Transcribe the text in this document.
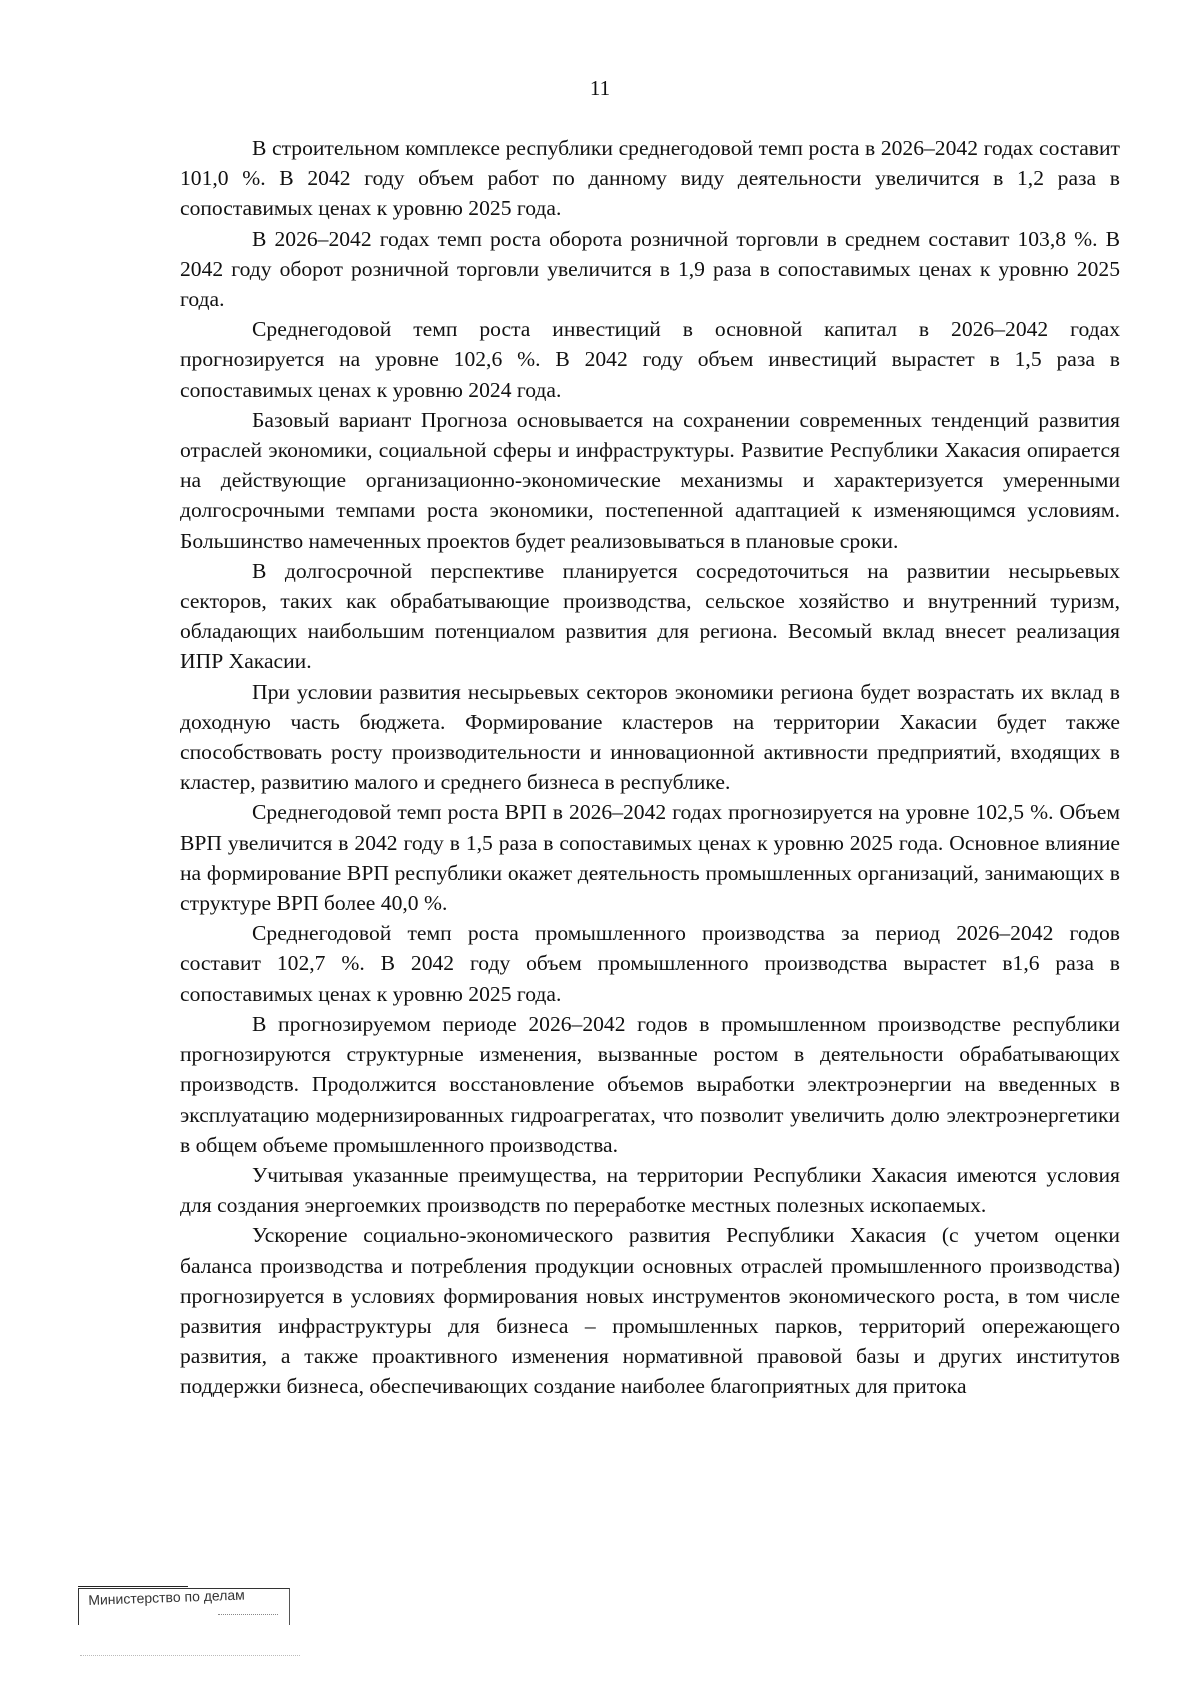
11

В строительном комплексе республики среднегодовой темп роста в 2026–2042 годах составит 101,0 %. В 2042 году объем работ по данному виду деятельности увеличится в 1,2 раза в сопоставимых ценах к уровню 2025 года.

В 2026–2042 годах темп роста оборота розничной торговли в среднем составит 103,8 %. В 2042 году оборот розничной торговли увеличится в 1,9 раза в сопоставимых ценах к уровню 2025 года.

Среднегодовой темп роста инвестиций в основной капитал в 2026–2042 годах прогнозируется на уровне 102,6 %. В 2042 году объем инвестиций вырастет в 1,5 раза в сопоставимых ценах к уровню 2024 года.

Базовый вариант Прогноза основывается на сохранении современных тенденций развития отраслей экономики, социальной сферы и инфраструктуры. Развитие Республики Хакасия опирается на действующие организационно-экономические механизмы и характеризуется умеренными долгосрочными темпами роста экономики, постепенной адаптацией к изменяющимся условиям. Большинство намеченных проектов будет реализовываться в плановые сроки.

В долгосрочной перспективе планируется сосредоточиться на развитии несырьевых секторов, таких как обрабатывающие производства, сельское хозяйство и внутренний туризм, обладающих наибольшим потенциалом развития для региона. Весомый вклад внесет реализация ИПР Хакасии.

При условии развития несырьевых секторов экономики региона будет возрастать их вклад в доходную часть бюджета. Формирование кластеров на территории Хакасии будет также способствовать росту производительности и инновационной активности предприятий, входящих в кластер, развитию малого и среднего бизнеса в республике.

Среднегодовой темп роста ВРП в 2026–2042 годах прогнозируется на уровне 102,5 %. Объем ВРП увеличится в 2042 году в 1,5 раза в сопоставимых ценах к уровню 2025 года. Основное влияние на формирование ВРП республики окажет деятельность промышленных организаций, занимающих в структуре ВРП более 40,0 %.

Среднегодовой темп роста промышленного производства за период 2026–2042 годов составит 102,7 %. В 2042 году объем промышленного производства вырастет в1,6 раза в сопоставимых ценах к уровню 2025 года.

В прогнозируемом периоде 2026–2042 годов в промышленном производстве республики прогнозируются структурные изменения, вызванные ростом в деятельности обрабатывающих производств. Продолжится восстановление объемов выработки электроэнергии на введенных в эксплуатацию модернизированных гидроагрегатах, что позволит увеличить долю электроэнергетики в общем объеме промышленного производства.

Учитывая указанные преимущества, на территории Республики Хакасия имеются условия для создания энергоемких производств по переработке местных полезных ископаемых.

Ускорение социально-экономического развития Республики Хакасия (с учетом оценки баланса производства и потребления продукции основных отраслей промышленного производства) прогнозируется в условиях формирования новых инструментов экономического роста, в том числе развития инфраструктуры для бизнеса – промышленных парков, территорий опережающего развития, а также проактивного изменения нормативной правовой базы и других институтов поддержки бизнеса, обеспечивающих создание наиболее благоприятных для притока

Министерство по делам
